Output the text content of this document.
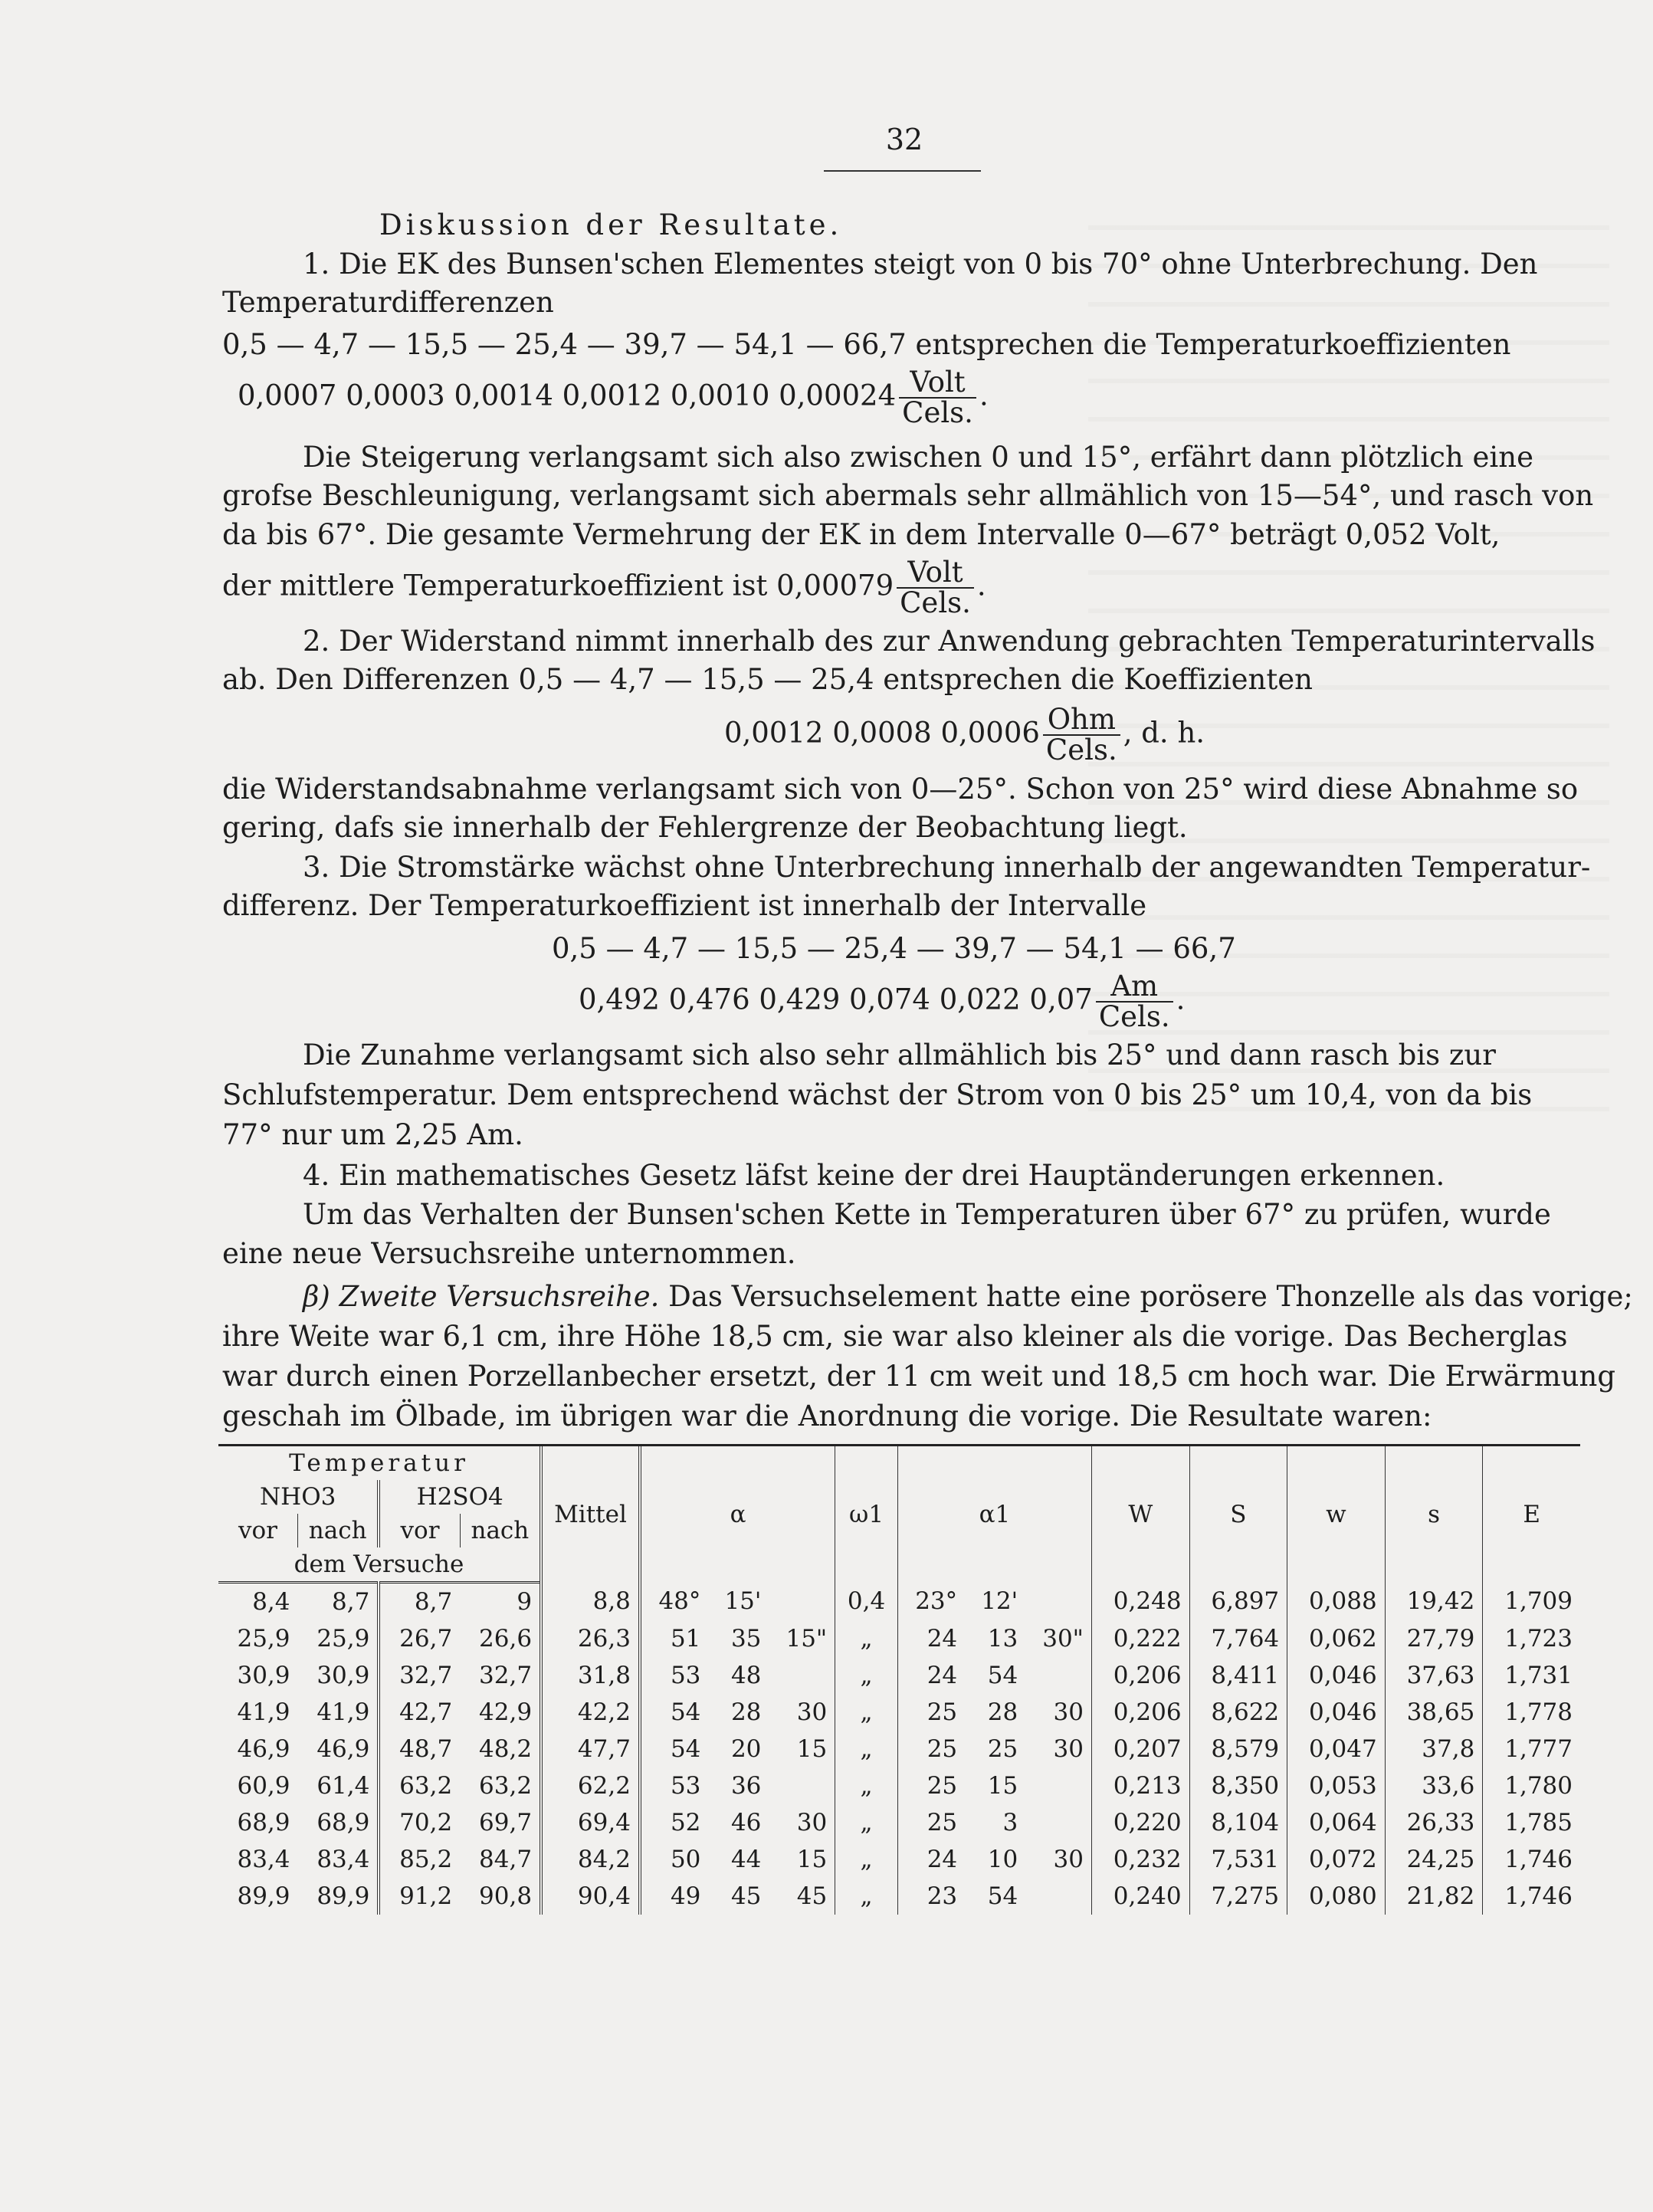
32
Diskussion der Resultate.
1. Die EK des Bunsen'schen Elementes steigt von 0 bis 70° ohne Unterbrechung. Den
Temperaturdifferenzen
0,5 — 4,7 — 15,5 — 25,4 — 39,7 — 54,1 — 66,7 entsprechen die Temperaturkoeffizienten
0,0007 0,0003 0,0014 0,0012 0,0010 $0,00024 \frac{\text{Volt}}{\text{Cels.}}$ .
Die Steigerung verlangsamt sich also zwischen 0 und 15°, erfährt dann plötzlich eine
grofse Beschleunigung, verlangsamt sich abermals sehr allmählich von 15—54°, und rasch von
da bis 67°. Die gesamte Vermehrung der EK in dem Intervalle 0—67° beträgt 0,052 Volt,
der mittlere Temperaturkoeffizient ist $0,00079 \frac{\text{Volt}}{\text{Cels.}}$ .
2. Der Widerstand nimmt innerhalb des zur Anwendung gebrachten Temperaturintervalls
ab. Den Differenzen 0,5 — 4,7 — 15,5 — 25,4 entsprechen die Koeffizienten
0,0012 0,0008 $0,0006 \frac{\text{Ohm}}{\text{Cels.}}$ , d. h.
die Widerstandsabnahme verlangsamt sich von 0—25°. Schon von 25° wird diese Abnahme so
gering, dafs sie innerhalb der Fehlergrenze der Beobachtung liegt.
3. Die Stromstärke wächst ohne Unterbrechung innerhalb der angewandten Temperatur-
differenz. Der Temperaturkoeffizient ist innerhalb der Intervalle
0,5 — 4,7 — 15,5 — 25,4 — 39,7 — 54,1 — 66,7
0,492 0,476 0,429 0,074 0,022 $0,07 \frac{Am}{\text{Cels.}}$ .
Die Zunahme verlangsamt sich also sehr allmählich bis 25° und dann rasch bis zur
Schlufstemperatur. Dem entsprechend wächst der Strom von 0 bis 25° um 10,4, von da bis
77° nur um 2,25 Am.
4. Ein mathematisches Gesetz läfst keine der drei Hauptänderungen erkennen.
Um das Verhalten der Bunsen'schen Kette in Temperaturen über 67° zu prüfen, wurde
eine neue Versuchsreihe unternommen.
β) Zweite Versuchsreihe. Das Versuchselement hatte eine porösere Thonzelle als das vorige;
ihre Weite war 6,1 cm, ihre Höhe 18,5 cm, sie war also kleiner als die vorige. Das Becherglas
war durch einen Porzellanbecher ersetzt, der 11 cm weit und 18,5 cm hoch war. Die Erwärmung
geschah im Ölbade, im übrigen war die Anordnung die vorige. Die Resultate waren:
Temperatur				Mittel	α			ω1	α1			W	S	w	s	E
NHO3		H2SO4														
vor	nach	vor	nach													
dem Versuche																
8,4	8,7	8,7	9	8,8	48°	15'		0,4	23°	12'		0,248	6,897	0,088	19,42	1,709
25,9	25,9	26,7	26,6	26,3	51	35	15"	„	24	13	30"	0,222	7,764	0,062	27,79	1,723
30,9	30,9	32,7	32,7	31,8	53	48		„	24	54		0,206	8,411	0,046	37,63	1,731
41,9	41,9	42,7	42,9	42,2	54	28	30	„	25	28	30	0,206	8,622	0,046	38,65	1,778
46,9	46,9	48,7	48,2	47,7	54	20	15	„	25	25	30	0,207	8,579	0,047	37,8	1,777
60,9	61,4	63,2	63,2	62,2	53	36		„	25	15		0,213	8,350	0,053	33,6	1,780
68,9	68,9	70,2	69,7	69,4	52	46	30	„	25	3		0,220	8,104	0,064	26,33	1,785
83,4	83,4	85,2	84,7	84,2	50	44	15	„	24	10	30	0,232	7,531	0,072	24,25	1,746
89,9	89,9	91,2	90,8	90,4	49	45	45	„	23	54		0,240	7,275	0,080	21,82	1,746
